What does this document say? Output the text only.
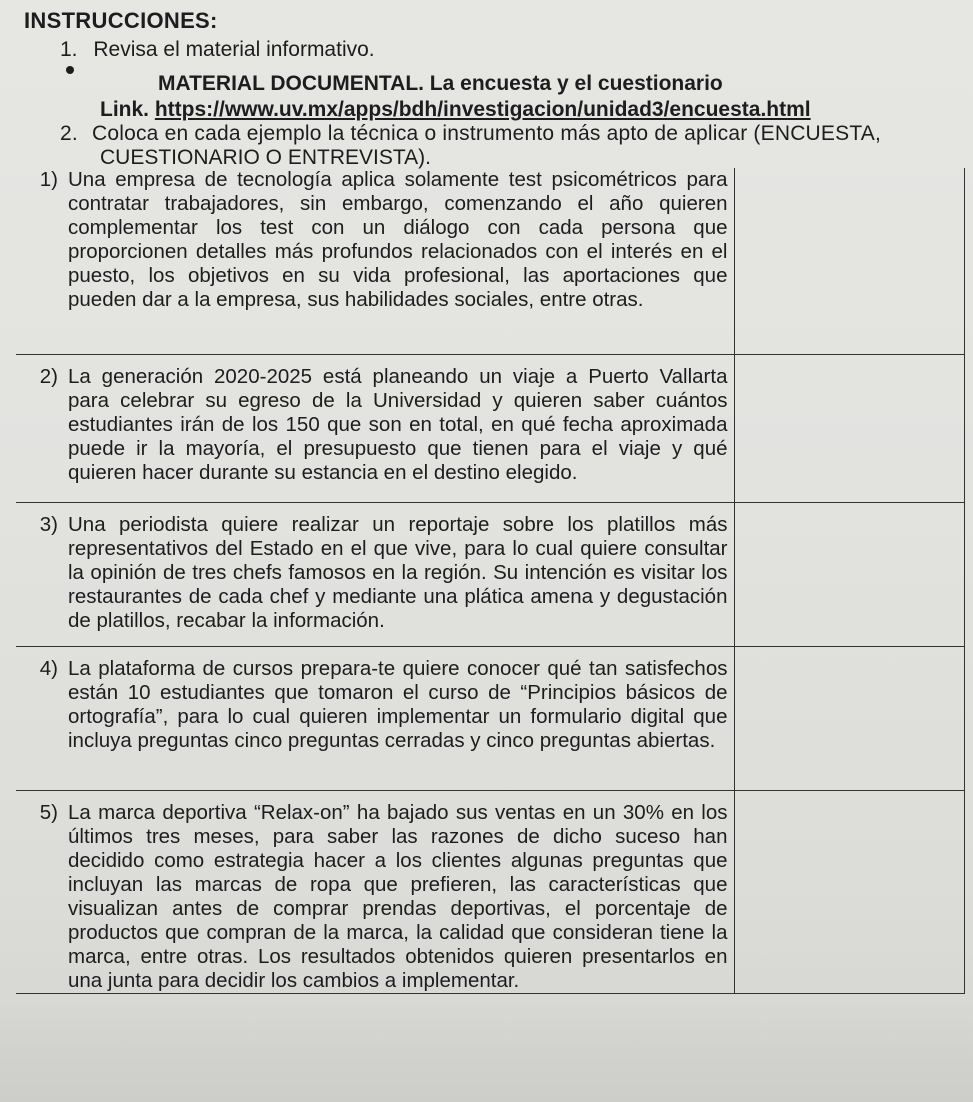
INSTRUCCIONES:
1. Revisa el material informativo.
MATERIAL DOCUMENTAL. La encuesta y el cuestionario
Link. https://www.uv.mx/apps/bdh/investigacion/unidad3/encuesta.html
2. Coloca en cada ejemplo la técnica o instrumento más apto de aplicar (ENCUESTA,
CUESTIONARIO O ENTREVISTA).
1) Una empresa de tecnología aplica solamente test psicométricos para contratar trabajadores, sin embargo, comenzando el año quieren complementar los test con un diálogo con cada persona que proporcionen detalles más profundos relacionados con el interés en el puesto, los objetivos en su vida profesional, las aportaciones que pueden dar a la empresa, sus habilidades sociales, entre otras.	

2) La generación 2020-2025 está planeando un viaje a Puerto Vallarta para celebrar su egreso de la Universidad y quieren saber cuántos estudiantes irán de los 150 que son en total, en qué fecha aproximada puede ir la mayoría, el presupuesto que tienen para el viaje y qué quieren hacer durante su estancia en el destino elegido.	

3) Una periodista quiere realizar un reportaje sobre los platillos más representativos del Estado en el que vive, para lo cual quiere consultar la opinión de tres chefs famosos en la región. Su intención es visitar los restaurantes de cada chef y mediante una plática amena y degustación de platillos, recabar la información.	

4) La plataforma de cursos prepara-te quiere conocer qué tan satisfechos están 10 estudiantes que tomaron el curso de “Principios básicos de ortografía”, para lo cual quieren implementar un formulario digital que incluya preguntas cinco preguntas cerradas y cinco preguntas abiertas.	

5) La marca deportiva “Relax-on” ha bajado sus ventas en un 30% en los últimos tres meses, para saber las razones de dicho suceso han decidido como estrategia hacer a los clientes algunas preguntas que incluyan las marcas de ropa que prefieren, las características que visualizan antes de comprar prendas deportivas, el porcentaje de productos que compran de la marca, la calidad que consideran tiene la marca, entre otras. Los resultados obtenidos quieren presentarlos en una junta para decidir los cambios a implementar.	
